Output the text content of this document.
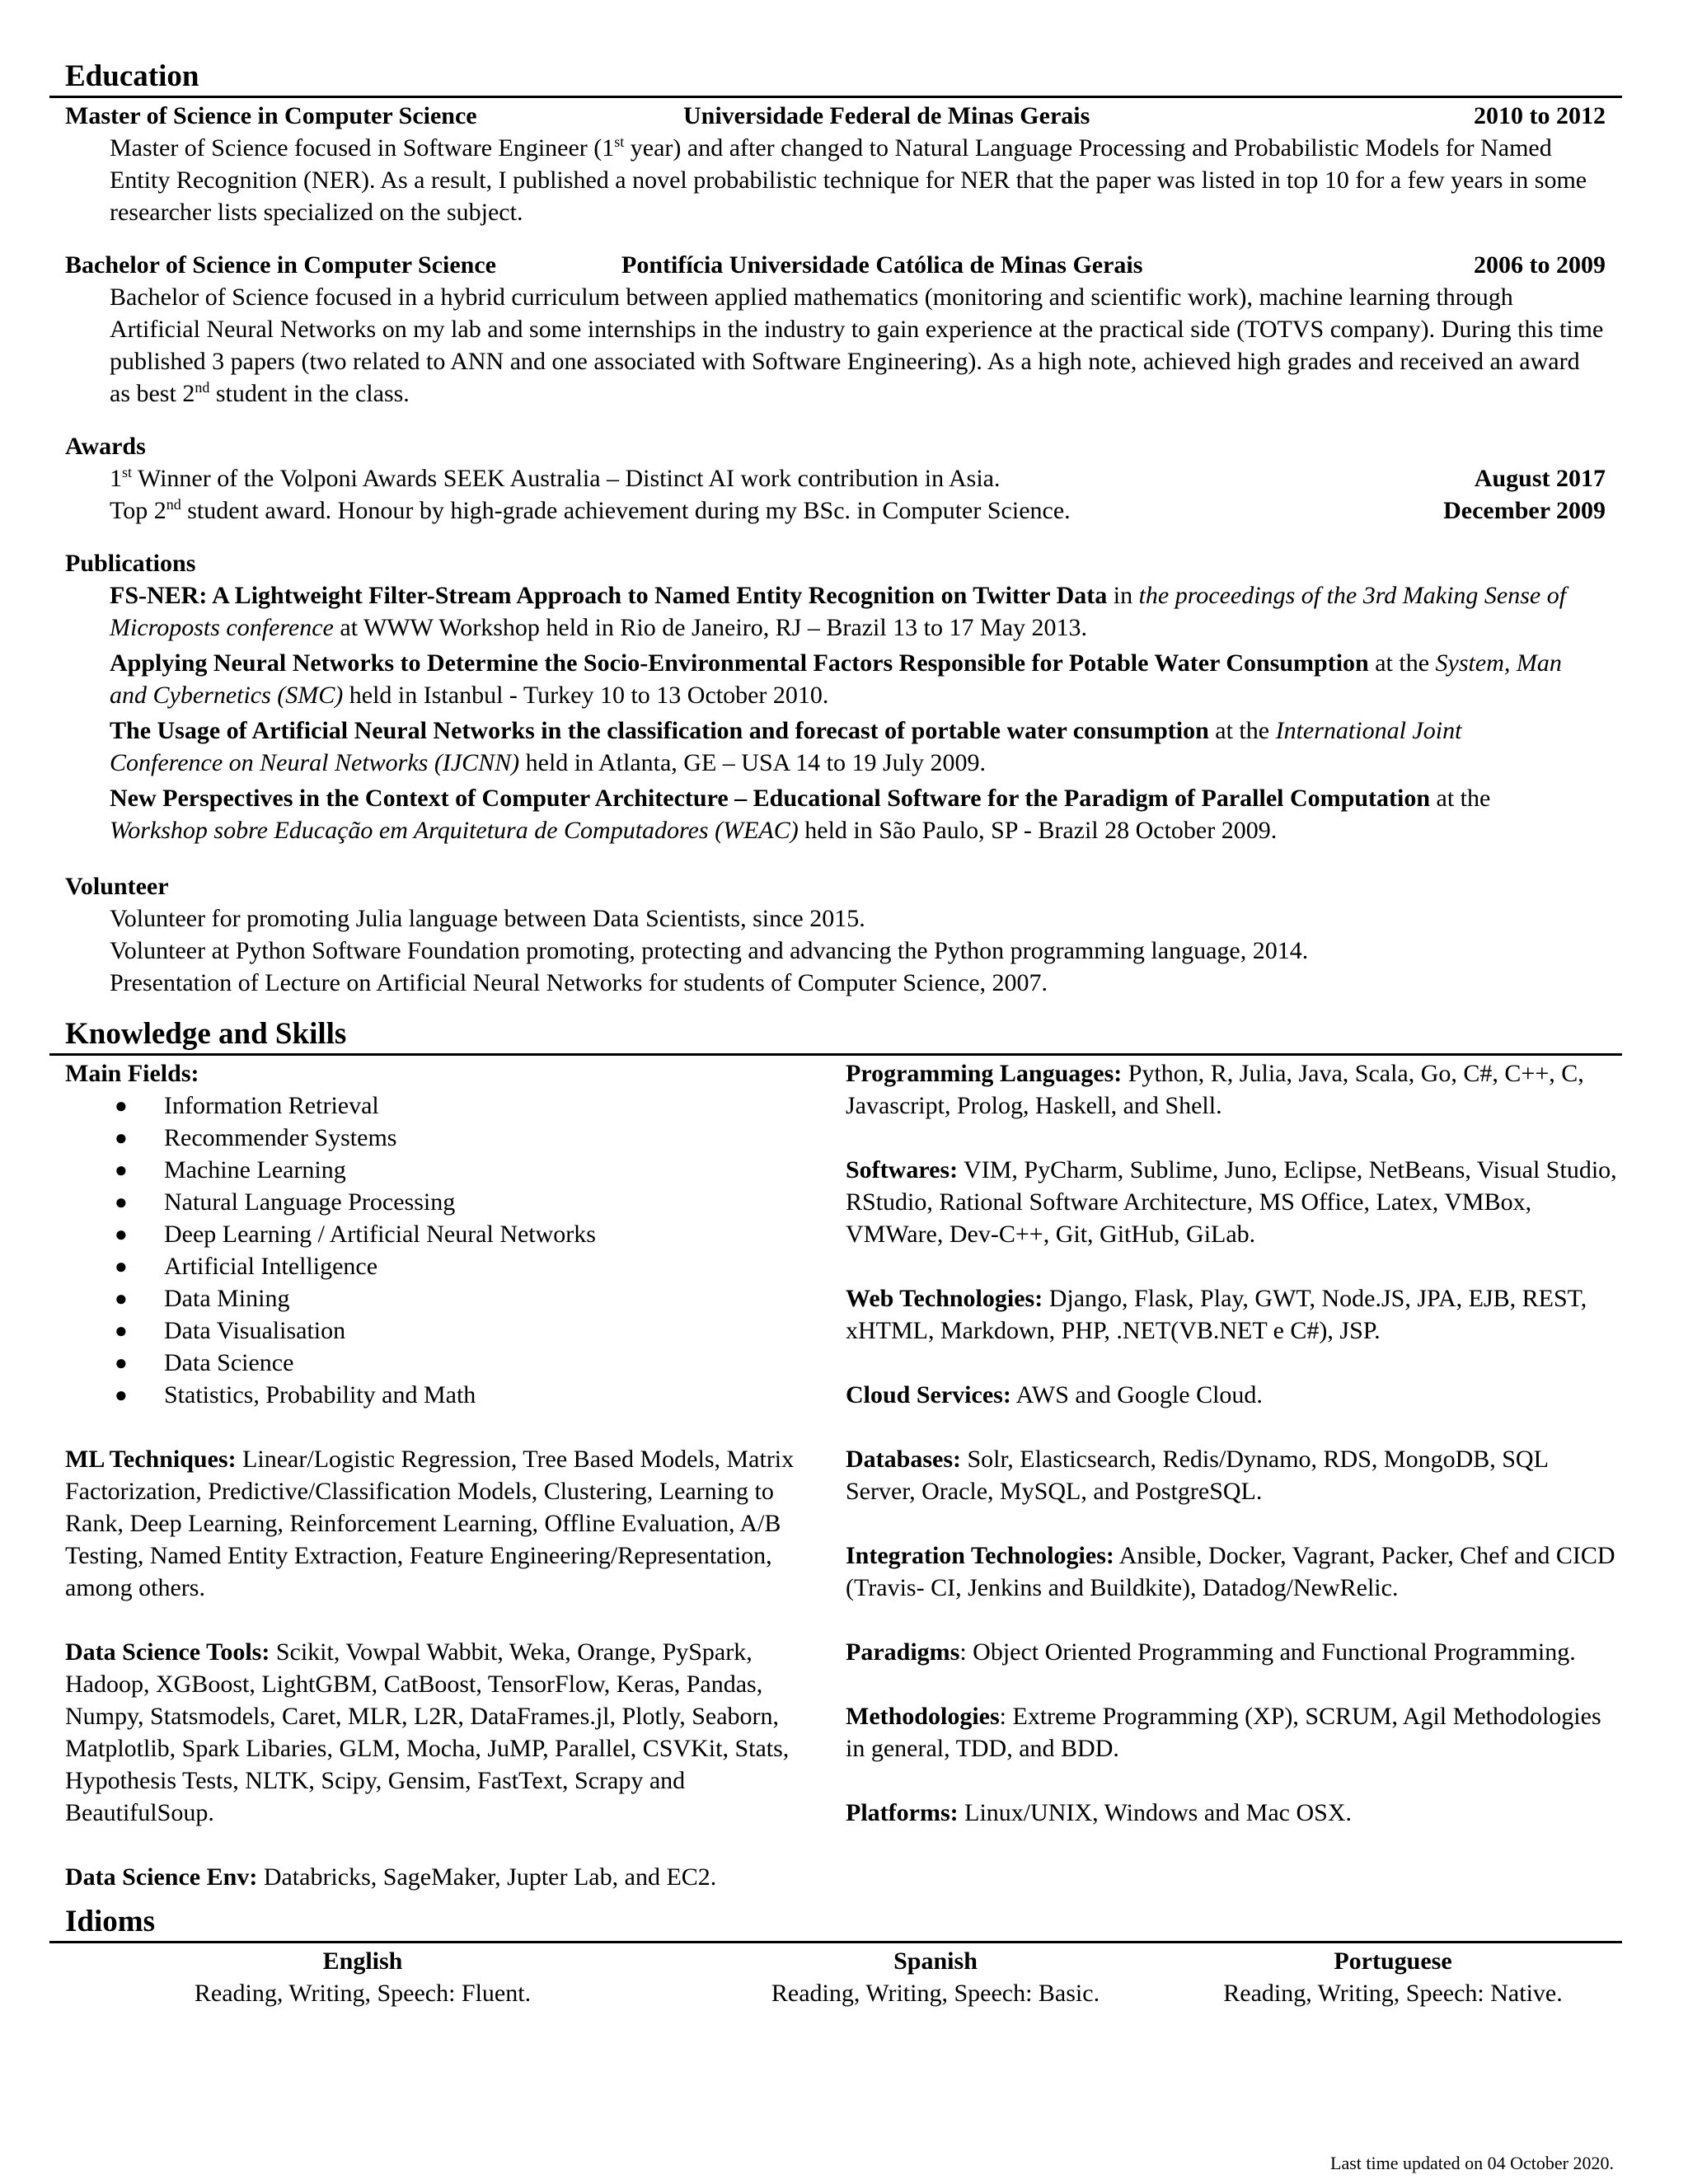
Education
Master of Science in Computer Science	Universidade Federal de Minas Gerais	2010 to 2012
Master of Science focused in Software Engineer (1st year) and after changed to Natural Language Processing and Probabilistic Models for Named Entity Recognition (NER). As a result, I published a novel probabilistic technique for NER that the paper was listed in top 10 for a few years in some researcher lists specialized on the subject.
Bachelor of Science in Computer Science	Pontifícia Universidade Católica de Minas Gerais	2006 to 2009
Bachelor of Science focused in a hybrid curriculum between applied mathematics (monitoring and scientific work), machine learning through Artificial Neural Networks on my lab and some internships in the industry to gain experience at the practical side (TOTVS company). During this time published 3 papers (two related to ANN and one associated with Software Engineering). As a high note, achieved high grades and received an award as best 2nd student in the class.
Awards
1st Winner of the Volponi Awards SEEK Australia – Distinct AI work contribution in Asia.	August 2017
Top 2nd student award. Honour by high-grade achievement during my BSc. in Computer Science.	December 2009
Publications
FS-NER: A Lightweight Filter-Stream Approach to Named Entity Recognition on Twitter Data in the proceedings of the 3rd Making Sense of Microposts conference at WWW Workshop held in Rio de Janeiro, RJ – Brazil 13 to 17 May 2013.
Applying Neural Networks to Determine the Socio-Environmental Factors Responsible for Potable Water Consumption at the System, Man and Cybernetics (SMC) held in Istanbul - Turkey 10 to 13 October 2010.
The Usage of Artificial Neural Networks in the classification and forecast of portable water consumption at the International Joint Conference on Neural Networks (IJCNN) held in Atlanta, GE – USA 14 to 19 July 2009.
New Perspectives in the Context of Computer Architecture – Educational Software for the Paradigm of Parallel Computation at the Workshop sobre Educação em Arquitetura de Computadores (WEAC) held in São Paulo, SP - Brazil 28 October 2009.
Volunteer
Volunteer for promoting Julia language between Data Scientists, since 2015.
Volunteer at Python Software Foundation promoting, protecting and advancing the Python programming language, 2014.
Presentation of Lecture on Artificial Neural Networks for students of Computer Science, 2007.
Knowledge and Skills
Main Fields:
● Information Retrieval
● Recommender Systems
● Machine Learning
● Natural Language Processing
● Deep Learning / Artificial Neural Networks
● Artificial Intelligence
● Data Mining
● Data Visualisation
● Data Science
● Statistics, Probability and Math
ML Techniques: Linear/Logistic Regression, Tree Based Models, Matrix Factorization, Predictive/Classification Models, Clustering, Learning to Rank, Deep Learning, Reinforcement Learning, Offline Evaluation, A/B Testing, Named Entity Extraction, Feature Engineering/Representation, among others.
Data Science Tools: Scikit, Vowpal Wabbit, Weka, Orange, PySpark, Hadoop, XGBoost, LightGBM, CatBoost, TensorFlow, Keras, Pandas, Numpy, Statsmodels, Caret, MLR, L2R, DataFrames.jl, Plotly, Seaborn, Matplotlib, Spark Libaries, GLM, Mocha, JuMP, Parallel, CSVKit, Stats, Hypothesis Tests, NLTK, Scipy, Gensim, FastText, Scrapy and BeautifulSoup.
Data Science Env: Databricks, SageMaker, Jupter Lab, and EC2.
Programming Languages: Python, R, Julia, Java, Scala, Go, C#, C++, C, Javascript, Prolog, Haskell, and Shell.
Softwares: VIM, PyCharm, Sublime, Juno, Eclipse, NetBeans, Visual Studio, RStudio, Rational Software Architecture, MS Office, Latex, VMBox, VMWare, Dev-C++, Git, GitHub, GiLab.
Web Technologies: Django, Flask, Play, GWT, Node.JS, JPA, EJB, REST, xHTML, Markdown, PHP, .NET(VB.NET e C#), JSP.
Cloud Services: AWS and Google Cloud.
Databases: Solr, Elasticsearch, Redis/Dynamo, RDS, MongoDB, SQL Server, Oracle, MySQL, and PostgreSQL.
Integration Technologies: Ansible, Docker, Vagrant, Packer, Chef and CICD (Travis- CI, Jenkins and Buildkite), Datadog/NewRelic.
Paradigms: Object Oriented Programming and Functional Programming.
Methodologies: Extreme Programming (XP), SCRUM, Agil Methodologies in general, TDD, and BDD.
Platforms: Linux/UNIX, Windows and Mac OSX.
Idioms
English
Reading, Writing, Speech: Fluent.
Spanish
Reading, Writing, Speech: Basic.
Portuguese
Reading, Writing, Speech: Native.
Last time updated on 04 October 2020.
